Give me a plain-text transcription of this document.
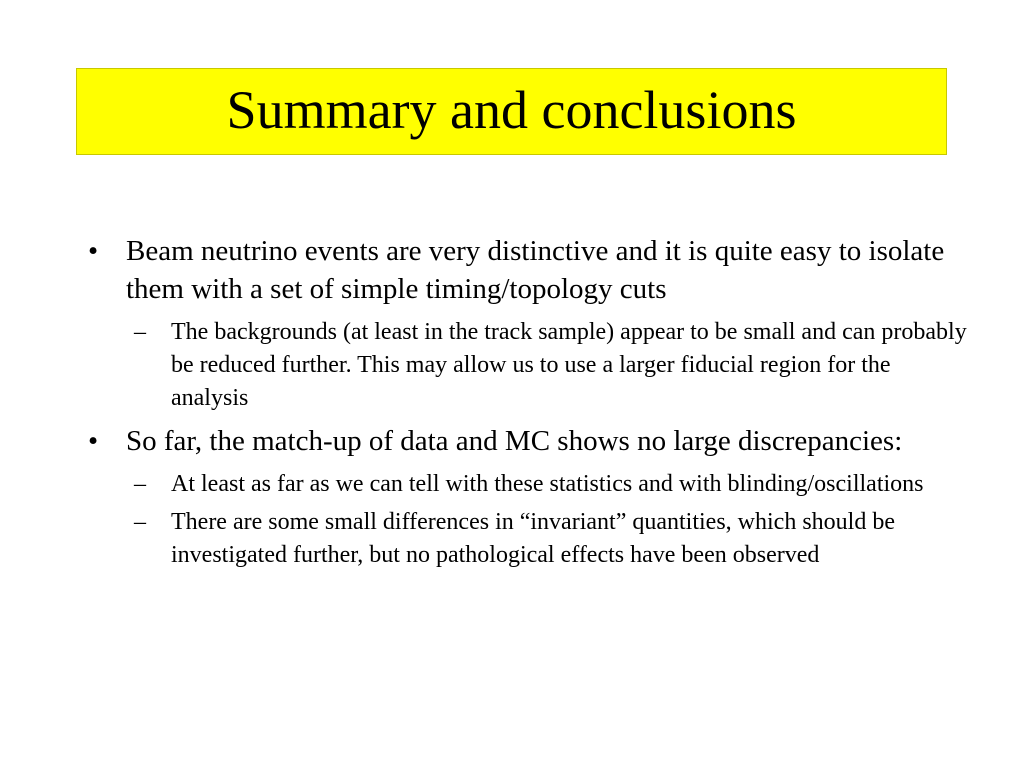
Summary and conclusions
• Beam neutrino events are very distinctive and it is quite easy to isolate them with a set of simple timing/topology cuts
–	The backgrounds (at least in the track sample) appear to be small and can probably be reduced further. This may allow us to use a larger fiducial region for the analysis
• So far, the match-up of data and MC shows no large discrepancies:
–	At least as far as we can tell with these statistics and with blinding/oscillations
–	There are some small differences in “invariant” quantities, which should be investigated further, but no pathological effects have been observed
